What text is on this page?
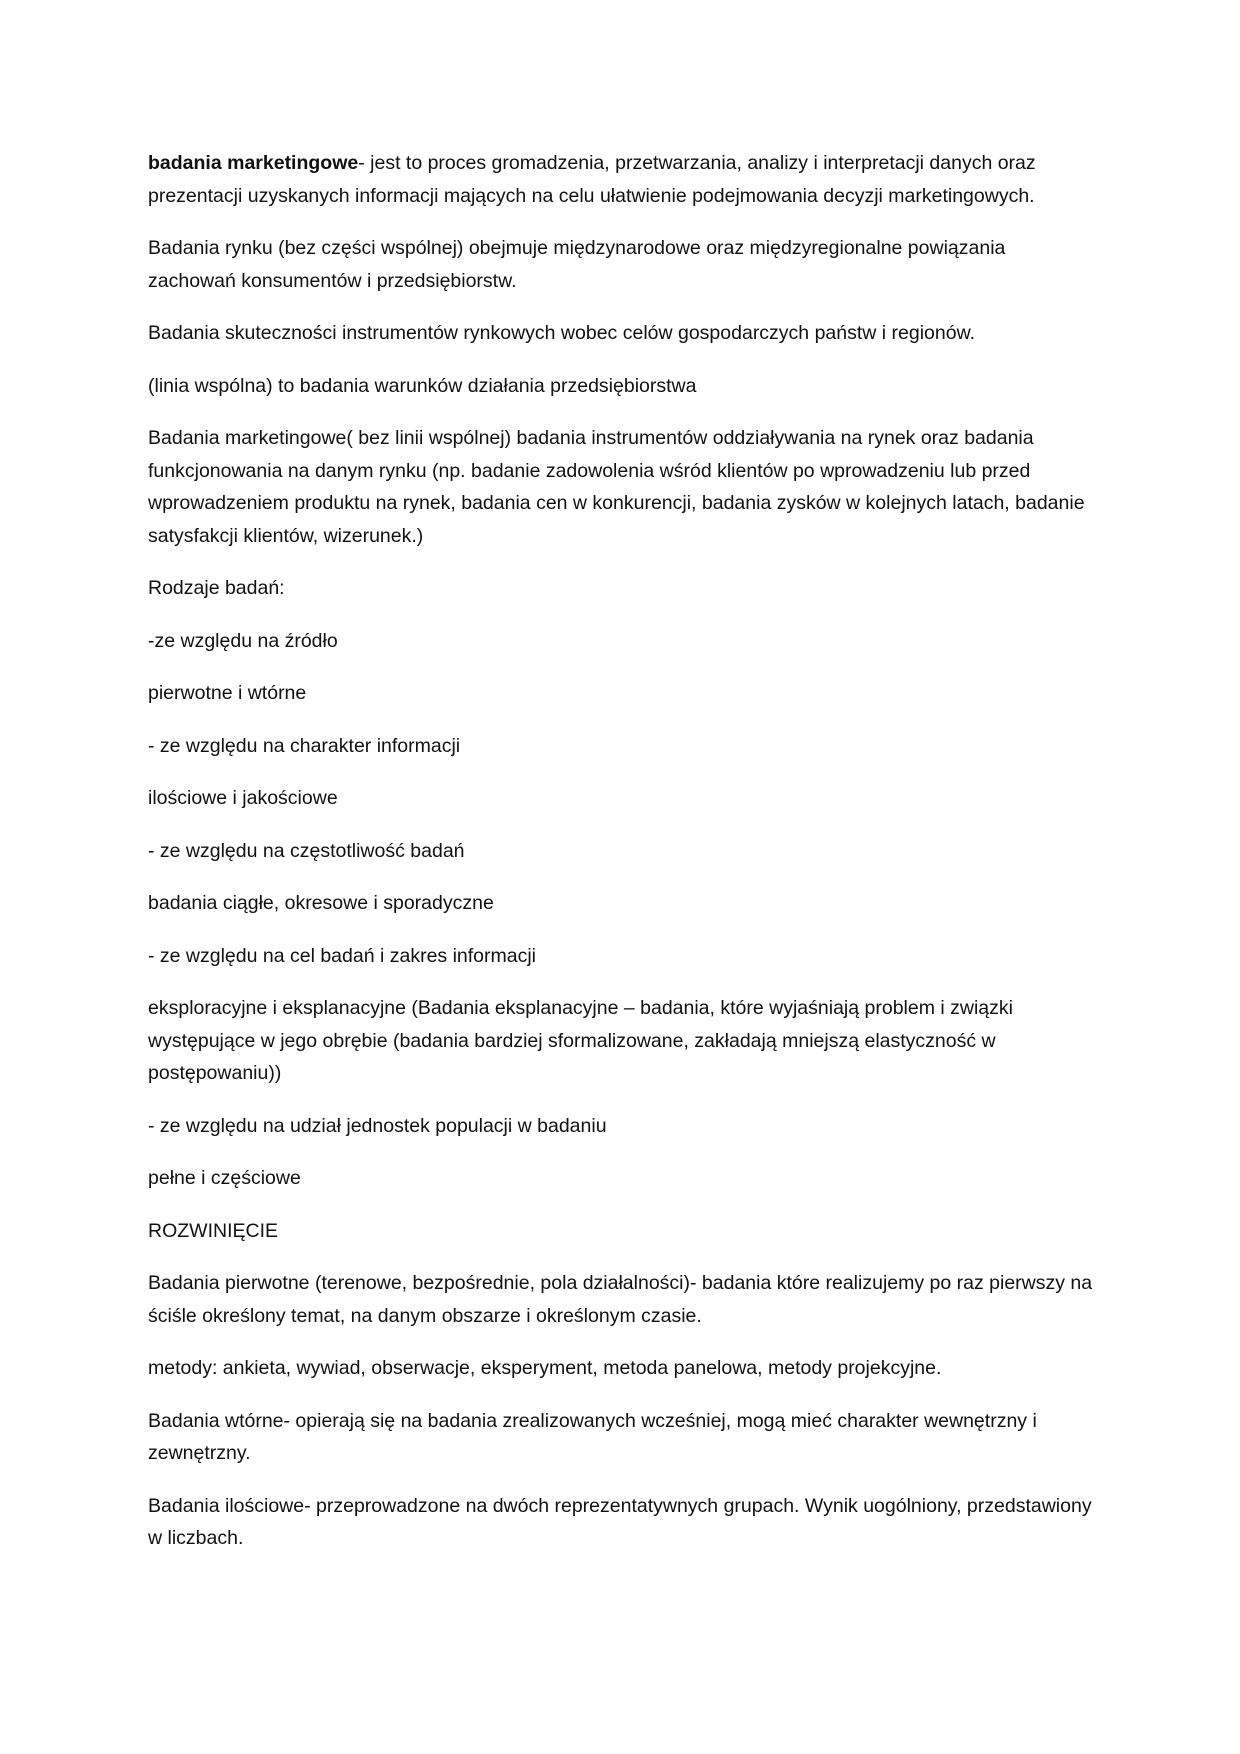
badania marketingowe- jest to proces gromadzenia, przetwarzania, analizy i interpretacji danych oraz prezentacji uzyskanych informacji mających na celu ułatwienie podejmowania decyzji marketingowych.

Badania rynku (bez części wspólnej) obejmuje międzynarodowe oraz międzyregionalne powiązania zachowań konsumentów i przedsiębiorstw.

Badania skuteczności instrumentów rynkowych wobec celów gospodarczych państw i regionów.

(linia wspólna) to badania warunków działania przedsiębiorstwa

Badania marketingowe( bez linii wspólnej) badania instrumentów oddziaływania na rynek oraz badania funkcjonowania na danym rynku (np. badanie zadowolenia wśród klientów po wprowadzeniu lub przed wprowadzeniem produktu na rynek, badania cen w konkurencji, badania zysków w kolejnych latach, badanie satysfakcji klientów, wizerunek.)

Rodzaje badań:

-ze względu na źródło

pierwotne i wtórne

- ze względu na charakter informacji

ilościowe i jakościowe

- ze względu na częstotliwość badań

badania ciągłe, okresowe i sporadyczne

- ze względu na cel badań i zakres informacji

eksploracyjne i eksplanacyjne (Badania eksplanacyjne – badania, które wyjaśniają problem i związki występujące w jego obrębie (badania bardziej sformalizowane, zakładają mniejszą elastyczność w postępowaniu))

- ze względu na udział jednostek populacji w badaniu

pełne i częściowe

ROZWINIĘCIE

Badania pierwotne (terenowe, bezpośrednie, pola działalności)- badania które realizujemy po raz pierwszy na ściśle określony temat, na danym obszarze i określonym czasie.

metody: ankieta, wywiad, obserwacje, eksperyment, metoda panelowa, metody projekcyjne.

Badania wtórne- opierają się na badania zrealizowanych wcześniej, mogą mieć charakter wewnętrzny i zewnętrzny.

Badania ilościowe- przeprowadzone na dwóch reprezentatywnych grupach. Wynik uogólniony, przedstawiony w liczbach.
